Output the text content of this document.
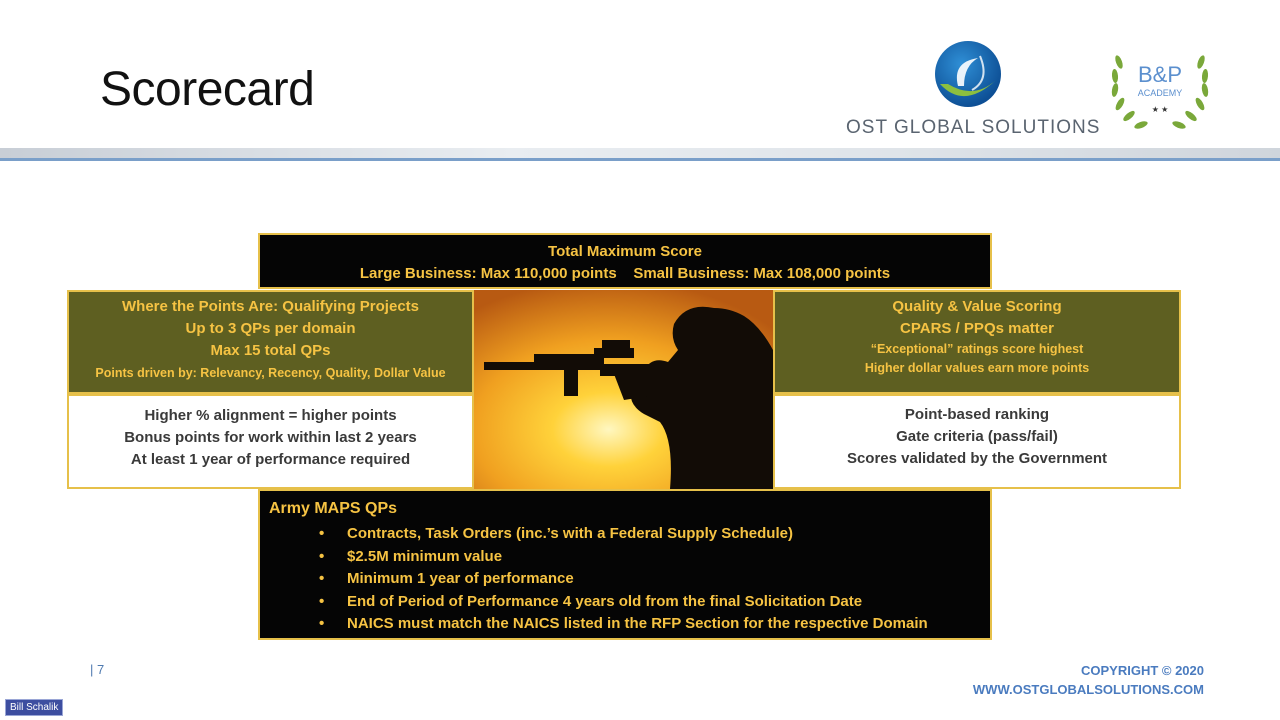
Scorecard
OST GLOBAL SOLUTIONS
B&P
ACADEMY
★ ★
Total Maximum Score
Large Business: Max 110,000 points    Small Business: Max 108,000 points
Where the Points Are: Qualifying Projects
Up to 3 QPs per domain
Max 15 total QPs
Points driven by: Relevancy, Recency, Quality, Dollar Value
Higher % alignment = higher points
Bonus points for work within last 2 years
At least 1 year of performance required
Quality & Value Scoring
CPARS / PPQs matter
“Exceptional” ratings score highest
Higher dollar values earn more points
Point-based ranking
Gate criteria (pass/fail)
Scores validated by the Government
Army MAPS QPs
• Contracts, Task Orders (inc.’s with a Federal Supply Schedule)
• $2.5M minimum value
• Minimum 1 year of performance
• End of Period of Performance 4 years old from the final Solicitation Date
• NAICS must match the NAICS listed in the RFP Section for the respective Domain
| 7	COPYRIGHT © 2020
WWW.OSTGLOBALSOLUTIONS.COM
Bill Schalik
